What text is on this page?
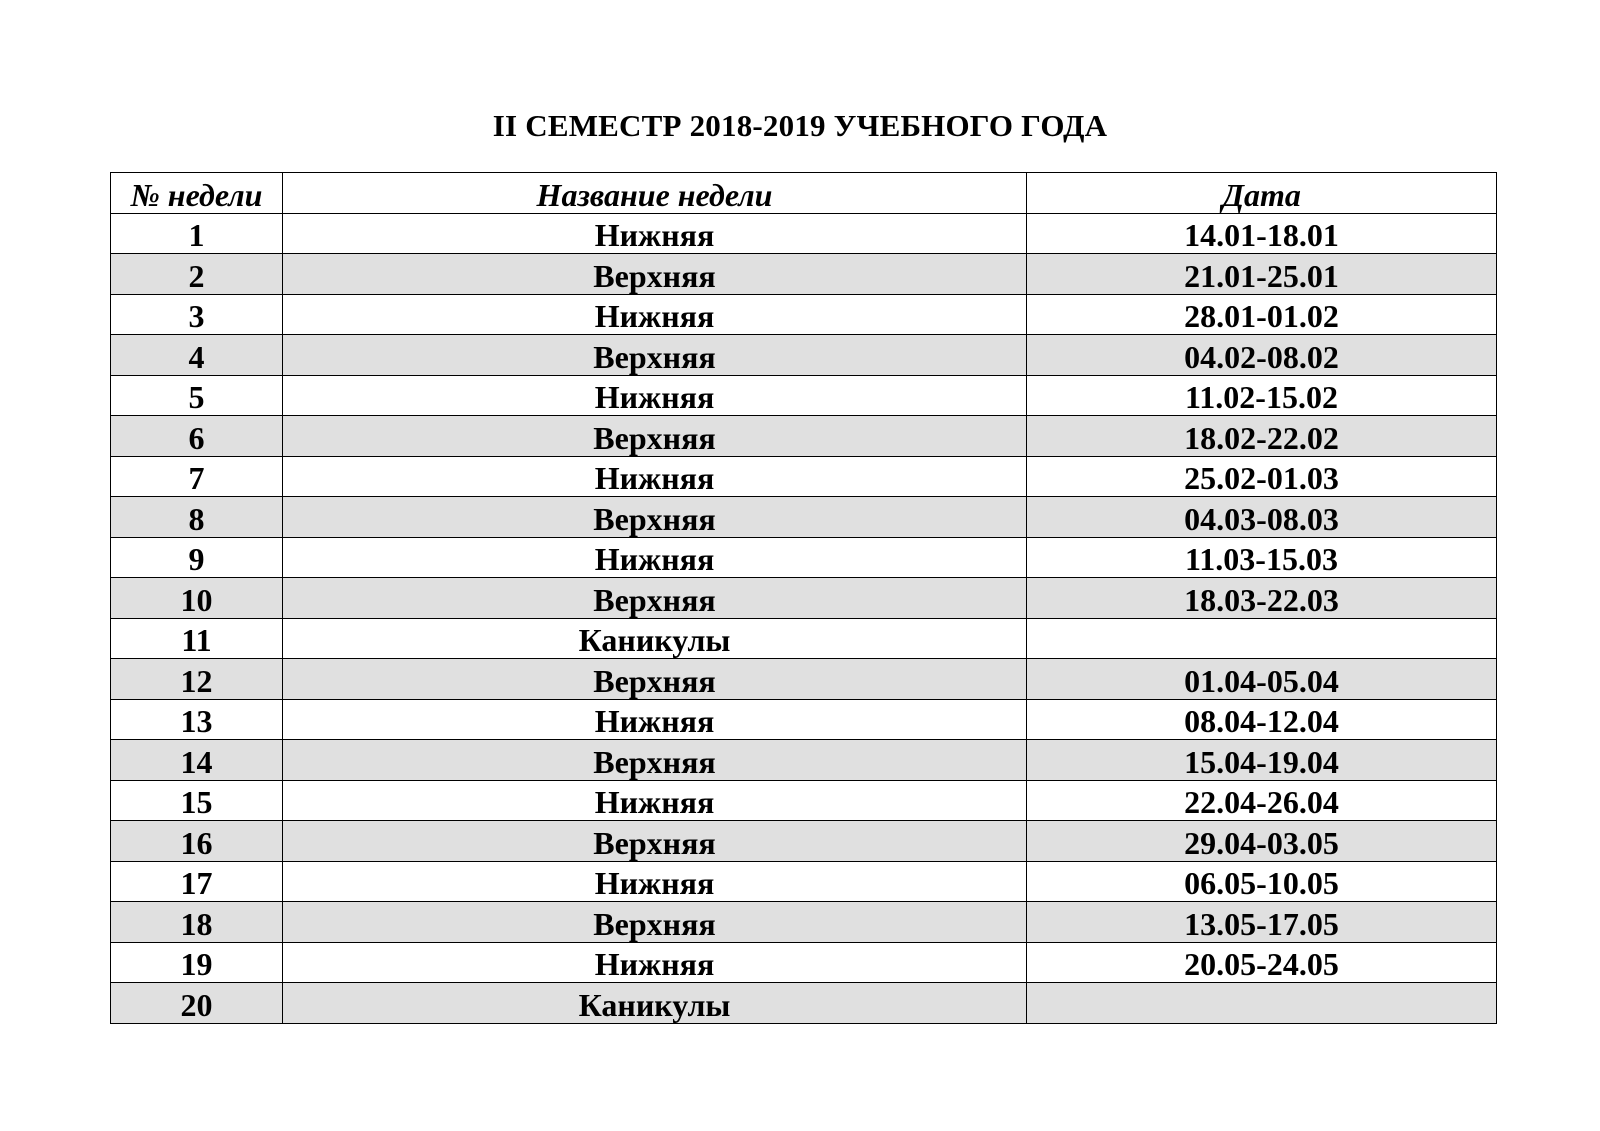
II СЕМЕСТР 2018-2019 УЧЕБНОГО ГОДА
№ недели	Название недели	Дата
1	Нижняя	14.01-18.01
2	Верхняя	21.01-25.01
3	Нижняя	28.01-01.02
4	Верхняя	04.02-08.02
5	Нижняя	11.02-15.02
6	Верхняя	18.02-22.02
7	Нижняя	25.02-01.03
8	Верхняя	04.03-08.03
9	Нижняя	11.03-15.03
10	Верхняя	18.03-22.03
11	Каникулы	
12	Верхняя	01.04-05.04
13	Нижняя	08.04-12.04
14	Верхняя	15.04-19.04
15	Нижняя	22.04-26.04
16	Верхняя	29.04-03.05
17	Нижняя	06.05-10.05
18	Верхняя	13.05-17.05
19	Нижняя	20.05-24.05
20	Каникулы	
